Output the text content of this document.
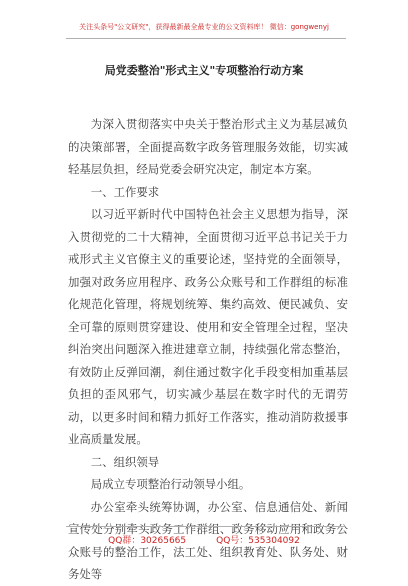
关注头条号"公文研究"，获得最新最全最专业的公文资料库！ 微信：gongwenyj
局党委整治"形式主义"专项整治行动方案

为深入贯彻落实中央关于整治形式主义为基层减负的决策部署，全面提高数字政务管理服务效能，切实减轻基层负担，经局党委会研究决定，制定本方案。

一、工作要求

以习近平新时代中国特色社会主义思想为指导，深入贯彻党的二十大精神，全面贯彻习近平总书记关于力戒形式主义官僚主义的重要论述，坚持党的全面领导，加强对政务应用程序、政务公众账号和工作群组的标准化规范化管理，将规划统筹、集约高效、便民减负、安全可靠的原则贯穿建设、使用和安全管理全过程，坚决纠治突出问题深入推进建章立制，持续强化常态整治，有效防止反弹回潮，刹住通过数字化手段变相加重基层负担的歪风邪气，切实减少基层在数字时代的无谓劳动，以更多时间和精力抓好工作落实，推动消防救援事业高质量发展。

二、组织领导

局成立专项整治行动领导小组。

办公室牵头统筹协调，办公室、信息通信处、新闻宣传处分别牵头政务工作群组、政务移动应用和政务公众账号的整治工作，法工处、组织教育处、队务处、财务处等

QQ群：30265665	QQ号：535304092
